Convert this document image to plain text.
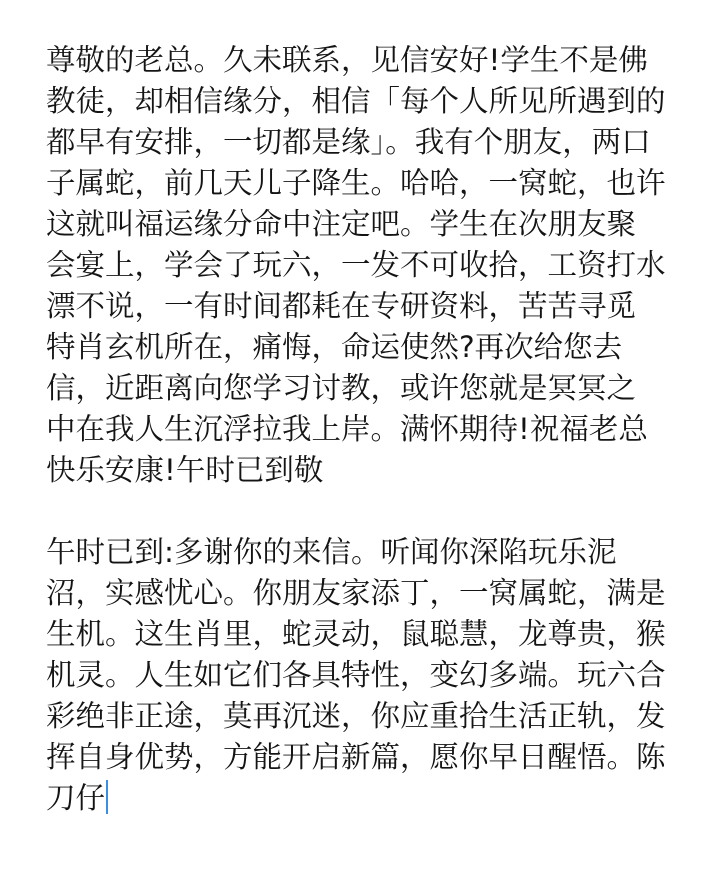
尊敬的老总。久未联系，见信安好!学生不是佛
教徒，却相信缘分，相信「每个人所见所遇到的
都早有安排，一切都是缘」。我有个朋友，两口
子属蛇，前几天儿子降生。哈哈，一窝蛇，也许
这就叫福运缘分命中注定吧。学生在次朋友聚
会宴上，学会了玩六，一发不可收拾，工资打水
漂不说，一有时间都耗在专研资料，苦苦寻觅
特肖玄机所在，痛悔，命运使然?再次给您去
信，近距离向您学习讨教，或许您就是冥冥之
中在我人生沉浮拉我上岸。满怀期待!祝福老总
快乐安康!午时已到敬
午时已到:多谢你的来信。听闻你深陷玩乐泥
沼，实感忧心。你朋友家添丁，一窝属蛇，满是
生机。这生肖里，蛇灵动，鼠聪慧，龙尊贵，猴
机灵。人生如它们各具特性，变幻多端。玩六合
彩绝非正途，莫再沉迷，你应重拾生活正轨，发
挥自身优势，方能开启新篇，愿你早日醒悟。陈
刀仔
